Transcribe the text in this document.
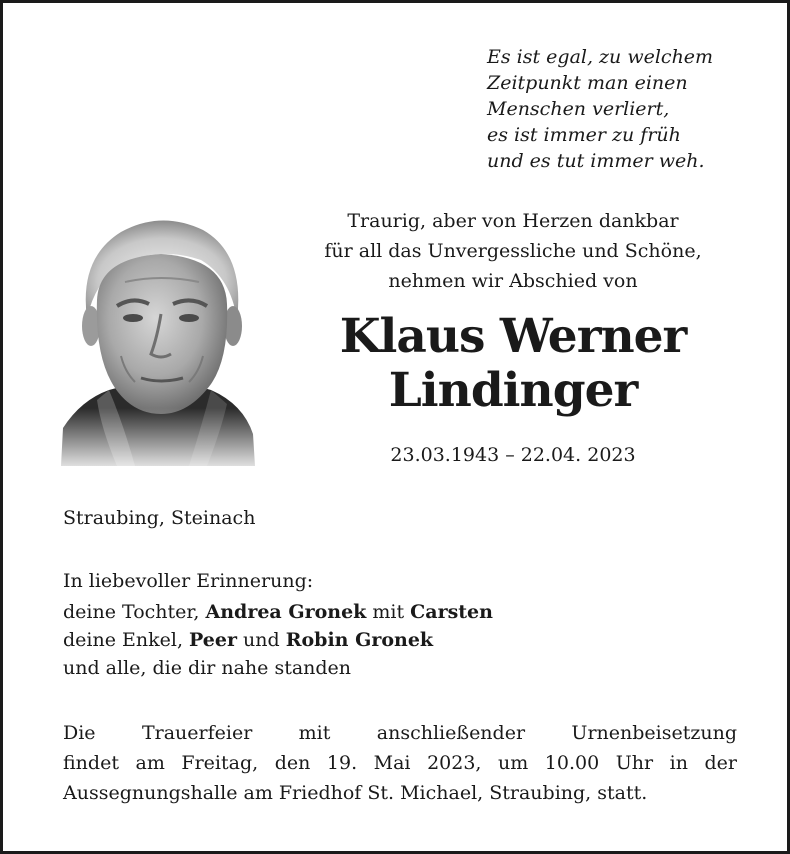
Es ist egal, zu welchem
Zeitpunkt man einen
Menschen verliert,
es ist immer zu früh
und es tut immer weh.
Traurig, aber von Herzen dankbar
für all das Unvergessliche und Schöne,
nehmen wir Abschied von
Klaus Werner
Lindinger
23.03.1943 – 22.04. 2023
Straubing, Steinach
In liebevoller Erinnerung:
deine Tochter, Andrea Gronek mit Carsten
deine Enkel, Peer und Robin Gronek
und alle, die dir nahe standen
Die Trauerfeier mit anschließender Urnenbeisetzung
findet am Freitag, den 19. Mai 2023, um 10.00 Uhr in der
Aussegnungshalle am Friedhof St. Michael, Straubing, statt.
